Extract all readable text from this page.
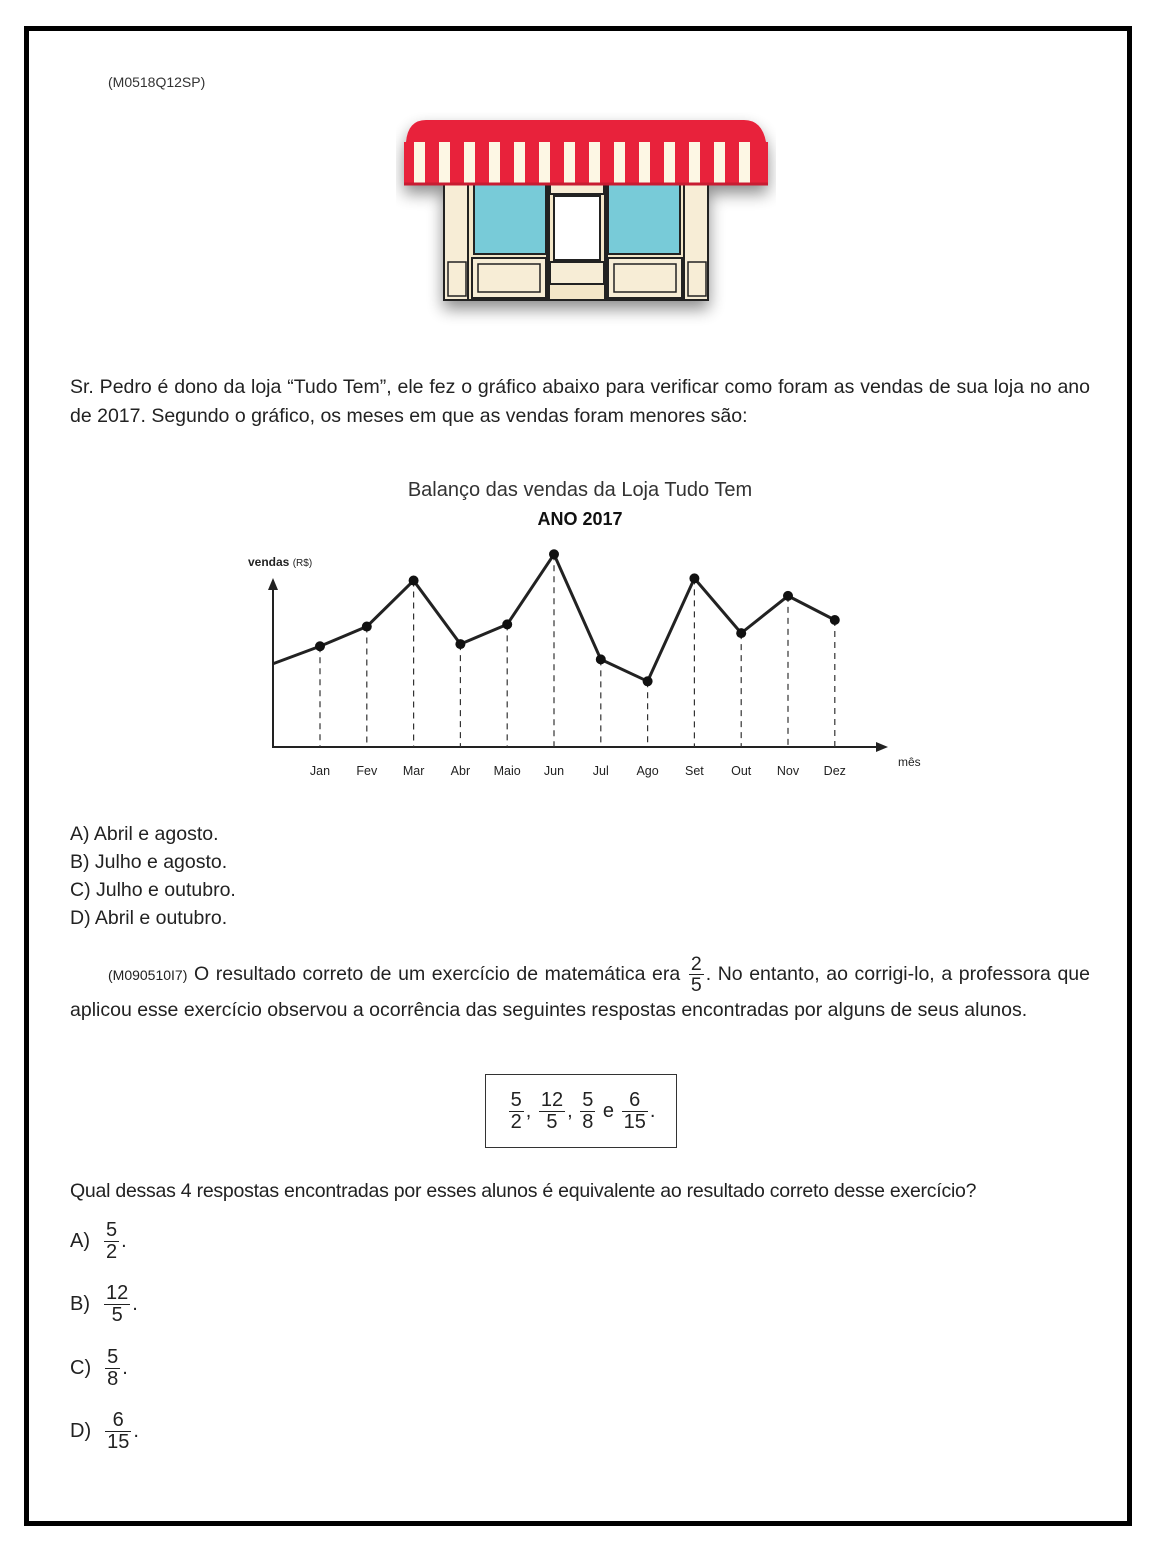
(M0518Q12SP)
Sr. Pedro é dono da loja “Tudo Tem”, ele fez o gráfico abaixo para verificar como foram as vendas de sua loja no ano de 2017. Segundo o gráfico, os meses em que as vendas foram menores são:
Balanço das vendas da Loja Tudo Tem
ANO 2017
vendas (R$)
mês
Jan Fev Mar Abr Maio Jun Jul Ago Set Out Nov Dez
A) Abril e agosto.
B) Julho e agosto.
C) Julho e outubro.
D) Abril e outubro.
(M090510I7) O resultado correto de um exercício de matemática era $\frac{2}{5}$ . No entanto, ao corrigi-lo, a professora que aplicou esse exercício observou a ocorrência das seguintes respostas encontradas por alguns de seus alunos.
$\frac{5}{2}$ ,
$\frac{12}{5}$ ,
$\frac{5}{8}$
e
$\frac{6}{15}$ .
Qual dessas 4 respostas encontradas por esses alunos é equivalente ao resultado correto desse exercício?
$A) \frac{5}{2}$ .
$B) \frac{12}{5}$ .
$C) \frac{5}{8}$ .
$D) \frac{6}{15}$ .
